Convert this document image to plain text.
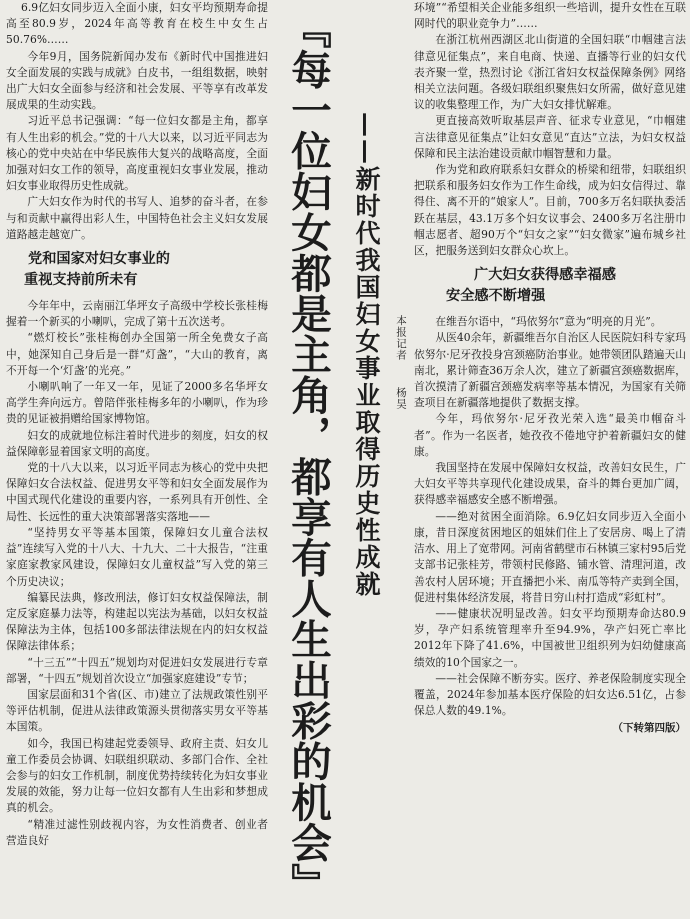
6.9亿妇女同步迈入全面小康，妇女平均预期寿命提高至80.9岁，2024年高等教育在校生中女生占50.76%……

今年9月，国务院新闻办发布《新时代中国推进妇女全面发展的实践与成就》白皮书，一组组数据，映射出广大妇女全面参与经济和社会发展、平等享有改革发展成果的生动实践。

习近平总书记强调：“每一位妇女都是主角，都享有人生出彩的机会。”党的十八大以来，以习近平同志为核心的党中央站在中华民族伟大复兴的战略高度，全面加强对妇女工作的领导，高度重视妇女事业发展，推动妇女事业取得历史性成就。

广大妇女作为时代的书写人、追梦的奋斗者，在参与和贡献中赢得出彩人生，中国特色社会主义妇女发展道路越走越宽广。

党和国家对妇女事业的
重视支持前所未有

今年年中，云南丽江华坪女子高级中学校长张桂梅握着一个新买的小喇叭，完成了第十五次送考。

“燃灯校长”张桂梅创办全国第一所全免费女子高中，她深知自己身后是一群“灯盏”，“大山的教育，离不开每一个‘灯盏’的光亮。”

小喇叭响了一年又一年，见证了2000多名华坪女高学生奔向远方。曾陪伴张桂梅多年的小喇叭，作为珍贵的见证被捐赠给国家博物馆。

妇女的成就地位标注着时代进步的刻度，妇女的权益保障彰显着国家文明的高度。

党的十八大以来，以习近平同志为核心的党中央把保障妇女合法权益、促进男女平等和妇女全面发展作为中国式现代化建设的重要内容，一系列具有开创性、全局性、长远性的重大决策部署落实落地——

“坚持男女平等基本国策，保障妇女儿童合法权益”连续写入党的十八大、十九大、二十大报告，“注重家庭家教家风建设，保障妇女儿童权益”写入党的第三个历史决议；

编纂民法典，修改刑法，修订妇女权益保障法，制定反家庭暴力法等，构建起以宪法为基础，以妇女权益保障法为主体，包括100多部法律法规在内的妇女权益保障法律体系；

“十三五”“十四五”规划均对促进妇女发展进行专章部署，“十四五”规划首次设立“加强家庭建设”专节；

国家层面和31个省(区、市)建立了法规政策性别平等评估机制，促进从法律政策源头贯彻落实男女平等基本国策。

如今，我国已构建起党委领导、政府主责、妇女儿童工作委员会协调、妇联组织联动、多部门合作、全社会参与的妇女工作机制，制度优势持续转化为妇女事业发展的效能，努力让每一位妇女都有人生出彩和梦想成真的机会。

“精准过滤性别歧视内容，为女性消费者、创业者营造良好	『每一位妇女都是主角，都享有人生出彩的机会』 ——新时代我国妇女事业取得历史性成就	本报记者杨昊

环境”“希望相关企业能多组织一些培训，提升女性在互联网时代的职业竞争力”……

在浙江杭州西湖区北山街道的全国妇联“巾帼建言法律意见征集点”，来自电商、快递、直播等行业的妇女代表齐聚一堂，热烈讨论《浙江省妇女权益保障条例》网络相关立法问题。各级妇联组织聚焦妇女所需，做好意见建议的收集整理工作，为广大妇女排忧解难。

更直接高效听取基层声音、征求专业意见，“巾帼建言法律意见征集点”让妇女意见“直达”立法，为妇女权益保障和民主法治建设贡献巾帼智慧和力量。

作为党和政府联系妇女群众的桥梁和纽带，妇联组织把联系和服务妇女作为工作生命线，成为妇女信得过、靠得住、离不开的“娘家人”。目前，700多万名妇联执委活跃在基层，43.1万多个妇女议事会、2400多万名注册巾帼志愿者、超90万个“妇女之家”“妇女微家”遍布城乡社区，把服务送到妇女群众心坎上。

广大妇女获得感幸福感
安全感不断增强

在维吾尔语中，“玛依努尔”意为“明亮的月光”。

从医40余年，新疆维吾尔自治区人民医院妇科专家玛依努尔·尼牙孜投身宫颈癌防治事业。她带领团队踏遍天山南北，累计筛查36万余人次，建立了新疆宫颈癌数据库，首次摸清了新疆宫颈癌发病率等基本情况，为国家有关筛查项目在新疆落地提供了数据支撑。

今年，玛依努尔·尼牙孜光荣入选“最美巾帼奋斗者”。作为一名医者，她孜孜不倦地守护着新疆妇女的健康。

我国坚持在发展中保障妇女权益，改善妇女民生，广大妇女平等共享现代化建设成果，奋斗的舞台更加广阔，获得感幸福感安全感不断增强。

——绝对贫困全面消除。6.9亿妇女同步迈入全面小康，昔日深度贫困地区的姐妹们住上了安居房、喝上了清洁水、用上了宽带网。河南省鹤壁市石林镇三家村95后党支部书记张桂芳，带领村民修路、铺水管、清理河道，改善农村人居环境；开直播把小米、南瓜等特产卖到全国，促进村集体经济发展，将昔日穷山村打造成“彩虹村”。

——健康状况明显改善。妇女平均预期寿命达80.9岁，孕产妇系统管理率升至94.9%，孕产妇死亡率比2012年下降了41.6%，中国被世卫组织列为妇幼健康高绩效的10个国家之一。

——社会保障不断夯实。医疗、养老保险制度实现全覆盖，2024年参加基本医疗保险的妇女达6.51亿，占参保总人数的49.1%。

（下转第四版）
